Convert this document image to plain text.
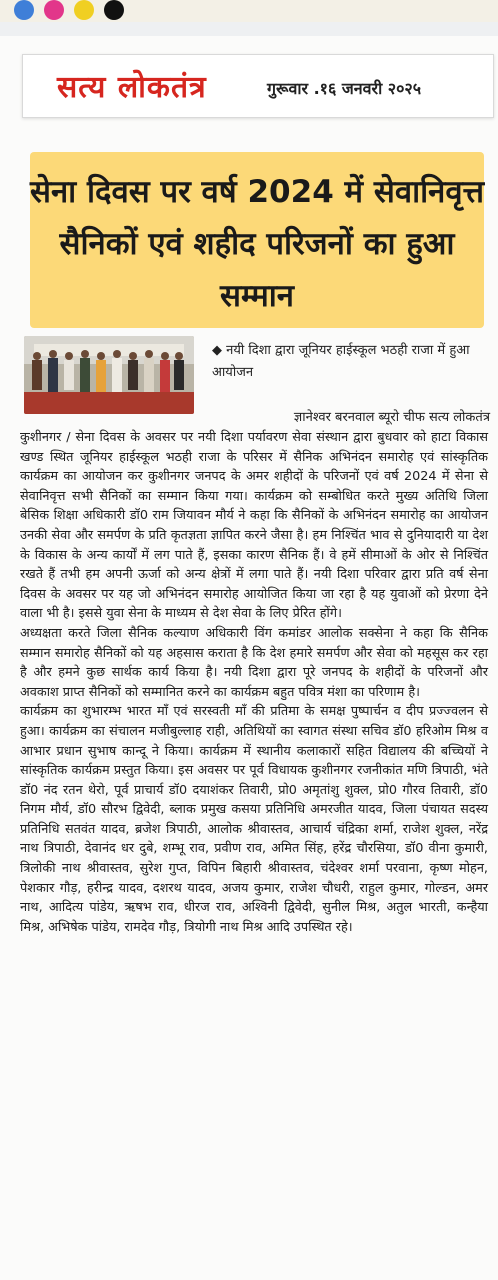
सत्य लोकतंत्र	गुरूवार .१६ जनवरी २०२५
सेना दिवस पर वर्ष 2024 में सेवानिवृत्त सैनिकों एवं शहीद परिजनों का हुआ सम्मान
◆ नयी दिशा द्वारा जूनियर हाईस्कूल भठही राजा में हुआ आयोजन
ज्ञानेश्वर बरनवाल ब्यूरो चीफ सत्य लोकतंत्र

कुशीनगर / सेना दिवस के अवसर पर नयी दिशा पर्यावरण सेवा संस्थान द्वारा बुधवार को हाटा विकास खण्ड स्थित जूनियर हाईस्कूल भठही राजा के परिसर में सैनिक अभिनंदन समारोह एवं सांस्कृतिक कार्यक्रम का आयोजन कर कुशीनगर जनपद के अमर शहीदों के परिजनों एवं वर्ष 2024 में सेना से सेवानिवृत्त सभी सैनिकों का सम्मान किया गया। कार्यक्रम को सम्बोधित करते मुख्य अतिथि जिला बेसिक शिक्षा अधिकारी डॉ0 राम जियावन मौर्य ने कहा कि सैनिकों के अभिनंदन समारोह का आयोजन उनकी सेवा और समर्पण के प्रति कृतज्ञता ज्ञापित करने जैसा है। हम निश्चिंत भाव से दुनियादारी या देश के विकास के अन्य कार्यों में लग पाते हैं, इसका कारण सैनिक हैं। वे हमें सीमाओं के ओर से निश्चिंत रखते हैं तभी हम अपनी ऊर्जा को अन्य क्षेत्रों में लगा पाते हैं। नयी दिशा परिवार द्वारा प्रति वर्ष सेना दिवस के अवसर पर यह जो अभिनंदन समारोह आयोजित किया जा रहा है यह युवाओं को प्रेरणा देने वाला भी है। इससे युवा सेना के माध्यम से देश सेवा के लिए प्रेरित होंगे।

अध्यक्षता करते जिला सैनिक कल्याण अधिकारी विंग कमांडर आलोक सक्सेना ने कहा कि सैनिक सम्मान समारोह सैनिकों को यह अहसास कराता है कि देश हमारे समर्पण और सेवा को महसूस कर रहा है और हमने कुछ सार्थक कार्य किया है। नयी दिशा द्वारा पूरे जनपद के शहीदों के परिजनों और अवकाश प्राप्त सैनिकों को सम्मानित करने का कार्यक्रम बहुत पवित्र मंशा का परिणाम है।

कार्यक्रम का शुभारम्भ भारत माँ एवं सरस्वती माँ की प्रतिमा के समक्ष पुष्पार्चन व दीप प्रज्ज्वलन से हुआ। कार्यक्रम का संचालन मजीबुल्लाह राही, अतिथियों का स्वागत संस्था सचिव डॉ0 हरिओम मिश्र व आभार प्रधान सुभाष कान्दू ने किया। कार्यक्रम में स्थानीय कलाकारों सहित विद्यालय की बच्चियों ने सांस्कृतिक कार्यक्रम प्रस्तुत किया। इस अवसर पर पूर्व विधायक कुशीनगर रजनीकांत मणि त्रिपाठी, भंते डॉ0 नंद रतन थेरो, पूर्व प्राचार्य डॉ0 दयाशंकर तिवारी, प्रो0 अमृतांशु शुक्ल, प्रो0 गौरव तिवारी, डॉ0 निगम मौर्य, डॉ0 सौरभ द्विवेदी, ब्लाक प्रमुख कसया प्रतिनिधि अमरजीत यादव, जिला पंचायत सदस्य प्रतिनिधि सतवंत यादव, ब्रजेश त्रिपाठी, आलोक श्रीवास्तव, आचार्य चंद्रिका शर्मा, राजेश शुक्ल, नरेंद्र नाथ त्रिपाठी, देवानंद धर दुबे, शम्भू राव, प्रवीण राव, अमित सिंह, हरेंद्र चौरसिया, डॉ0 वीना कुमारी, त्रिलोकी नाथ श्रीवास्तव, सुरेश गुप्त, विपिन बिहारी श्रीवास्तव, चंदेश्वर शर्मा परवाना, कृष्ण मोहन, पेशकार गौड़, हरीन्द्र यादव, दशरथ यादव, अजय कुमार, राजेश चौधरी, राहुल कुमार, गोल्डन, अमर नाथ, आदित्य पांडेय, ऋषभ राव, धीरज राव, अश्विनी द्विवेदी, सुनील मिश्र, अतुल भारती, कन्हैया मिश्र, अभिषेक पांडेय, रामदेव गौड़, त्रियोगी नाथ मिश्र आदि उपस्थित रहे।
